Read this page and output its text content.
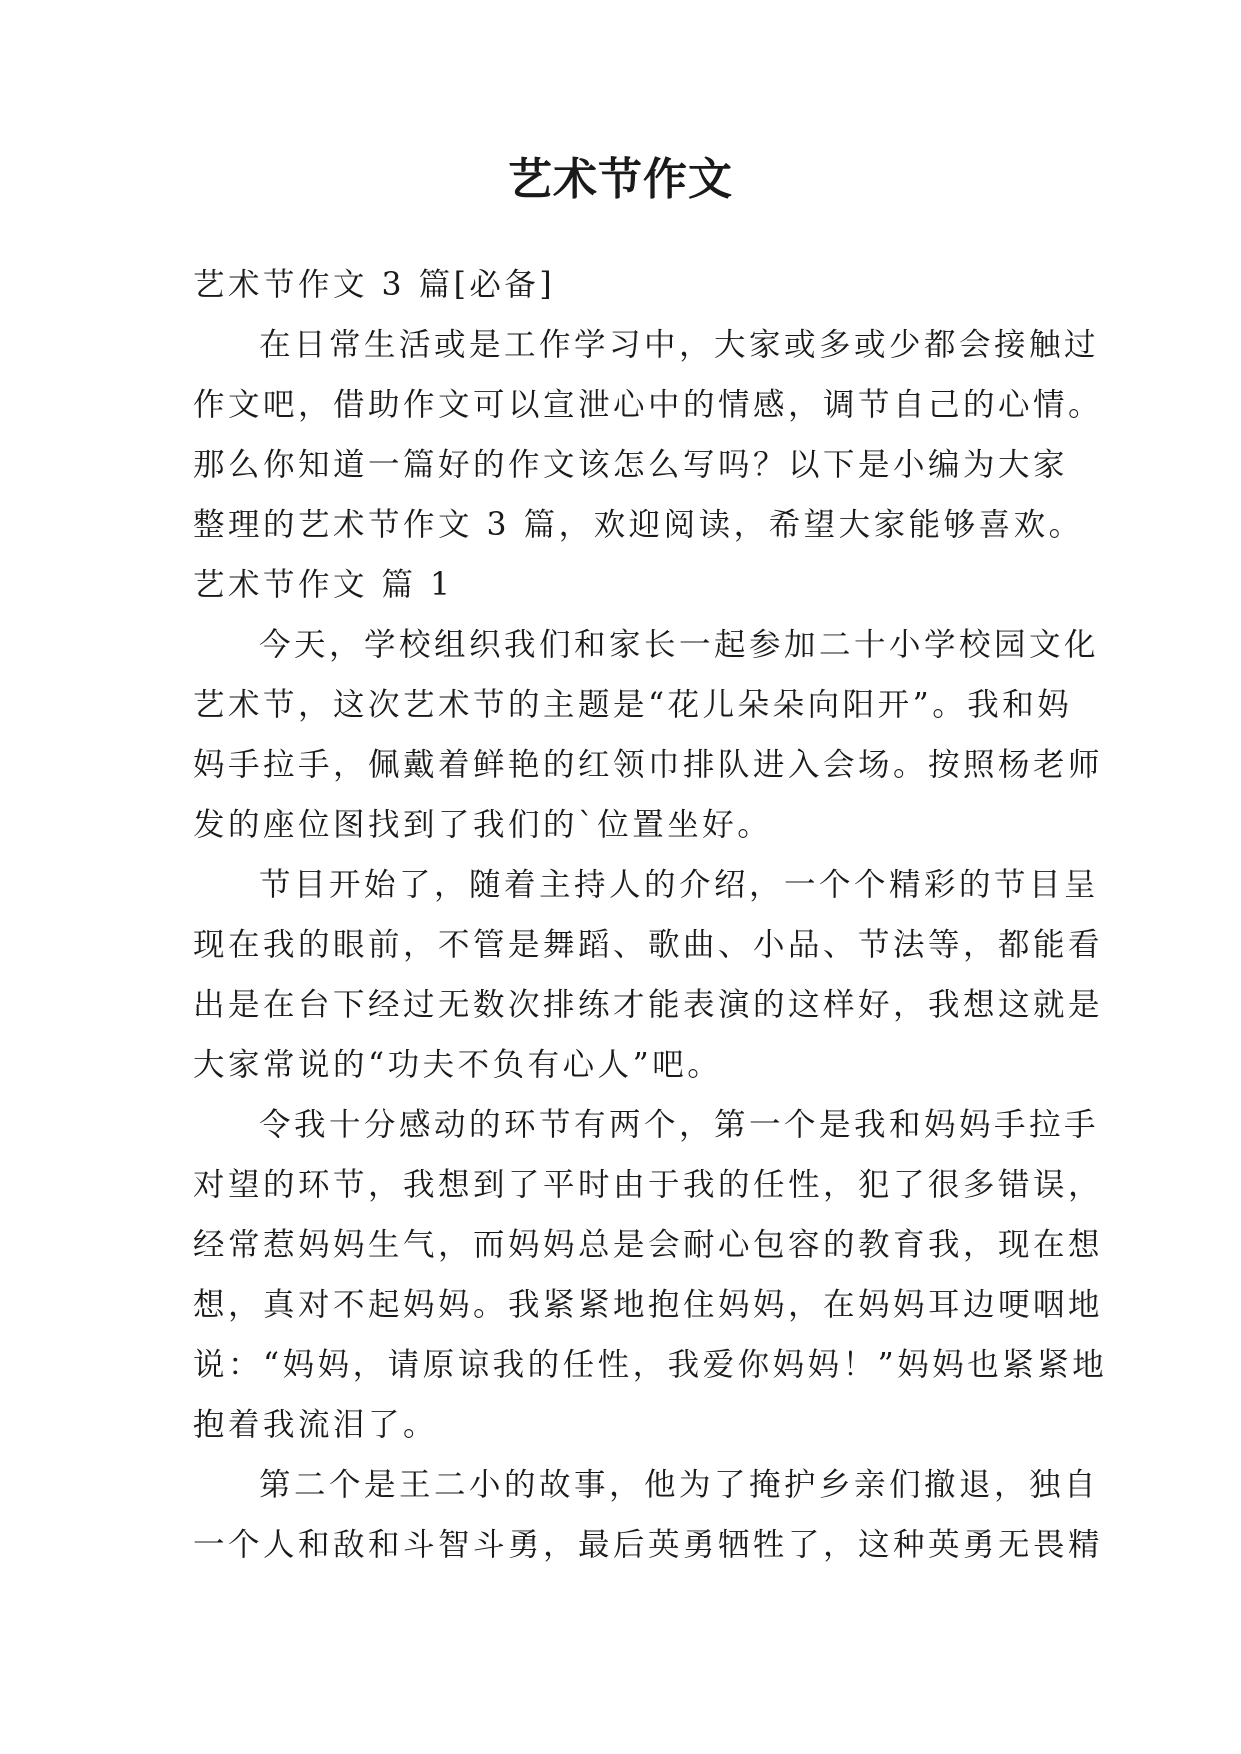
艺术节作文
艺术节作文 3 篇[必备]
在日常生活或是工作学习中，大家或多或少都会接触过
作文吧，借助作文可以宣泄心中的情感，调节自己的心情。
那么你知道一篇好的作文该怎么写吗？以下是小编为大家
整理的艺术节作文 3 篇，欢迎阅读，希望大家能够喜欢。
艺术节作文 篇 1
今天，学校组织我们和家长一起参加二十小学校园文化
艺术节，这次艺术节的主题是“花儿朵朵向阳开”。我和妈
妈手拉手，佩戴着鲜艳的红领巾排队进入会场。按照杨老师
发的座位图找到了我们的`位置坐好。
节目开始了，随着主持人的介绍，一个个精彩的节目呈
现在我的眼前，不管是舞蹈、歌曲、小品、节法等，都能看
出是在台下经过无数次排练才能表演的这样好，我想这就是
大家常说的“功夫不负有心人”吧。
令我十分感动的环节有两个，第一个是我和妈妈手拉手
对望的环节，我想到了平时由于我的任性，犯了很多错误，
经常惹妈妈生气，而妈妈总是会耐心包容的教育我，现在想
想，真对不起妈妈。我紧紧地抱住妈妈，在妈妈耳边哽咽地
说：“妈妈，请原谅我的任性，我爱你妈妈！”妈妈也紧紧地
抱着我流泪了。
第二个是王二小的故事，他为了掩护乡亲们撤退，独自
一个人和敌和斗智斗勇，最后英勇牺牲了，这种英勇无畏精
